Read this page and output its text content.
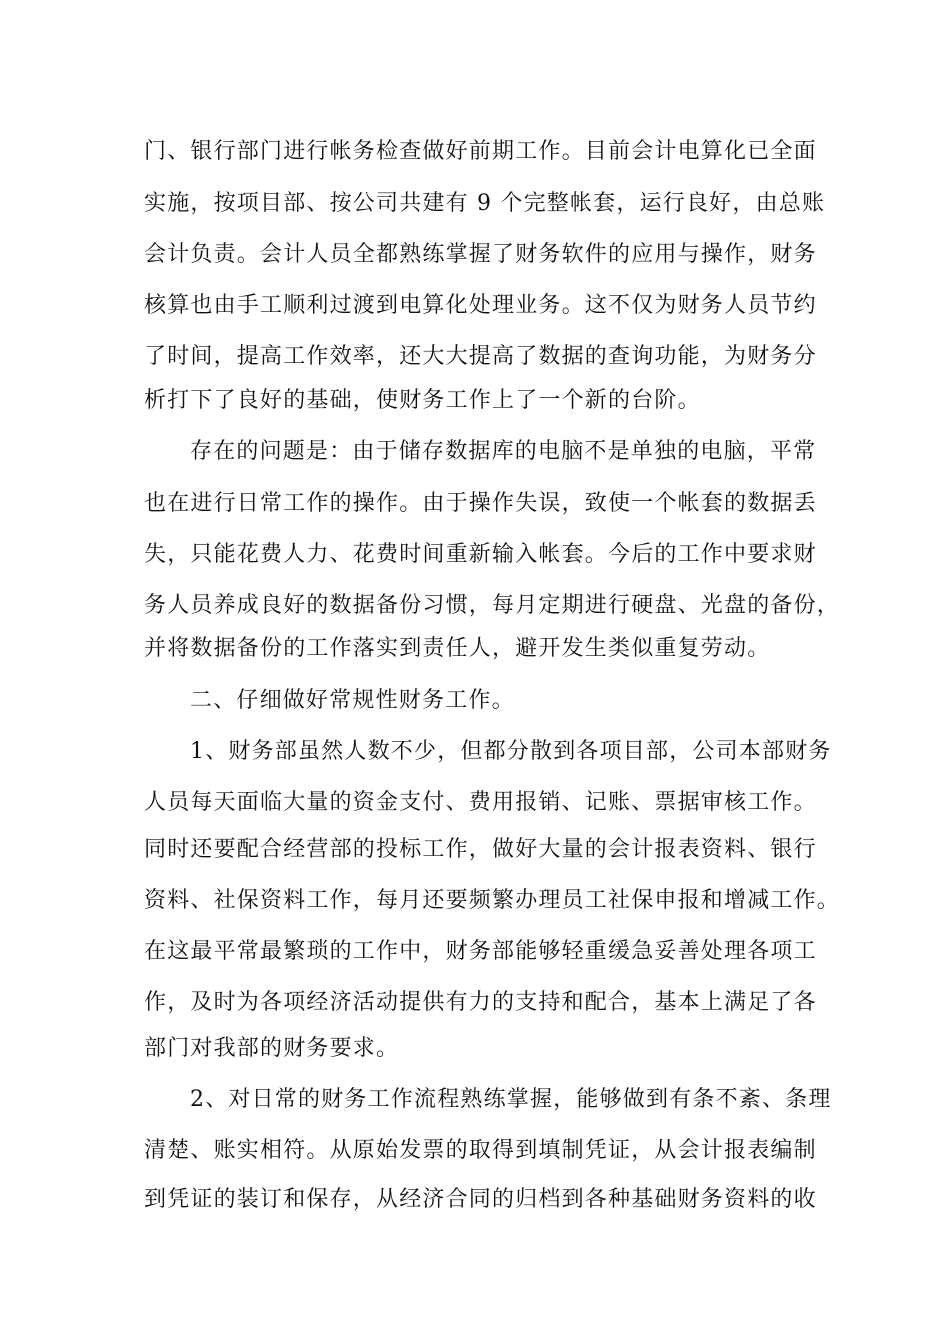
门、银行部门进行帐务检查做好前期工作。目前会计电算化已全面
实施，按项目部、按公司共建有 9 个完整帐套，运行良好，由总账
会计负责。会计人员全都熟练掌握了财务软件的应用与操作，财务
核算也由手工顺利过渡到电算化处理业务。这不仅为财务人员节约
了时间，提高工作效率，还大大提高了数据的查询功能，为财务分
析打下了良好的基础，使财务工作上了一个新的台阶。
存在的问题是：由于储存数据库的电脑不是单独的电脑，平常
也在进行日常工作的操作。由于操作失误，致使一个帐套的数据丢
失，只能花费人力、花费时间重新输入帐套。今后的工作中要求财
务人员养成良好的数据备份习惯，每月定期进行硬盘、光盘的备份，
并将数据备份的工作落实到责任人，避开发生类似重复劳动。
二、仔细做好常规性财务工作。
1、财务部虽然人数不少，但都分散到各项目部，公司本部财务
人员每天面临大量的资金支付、费用报销、记账、票据审核工作。
同时还要配合经营部的投标工作，做好大量的会计报表资料、银行
资料、社保资料工作，每月还要频繁办理员工社保申报和增减工作。
在这最平常最繁琐的工作中，财务部能够轻重缓急妥善处理各项工
作，及时为各项经济活动提供有力的支持和配合，基本上满足了各
部门对我部的财务要求。
2、对日常的财务工作流程熟练掌握，能够做到有条不紊、条理
清楚、账实相符。从原始发票的取得到填制凭证，从会计报表编制
到凭证的装订和保存，从经济合同的归档到各种基础财务资料的收
